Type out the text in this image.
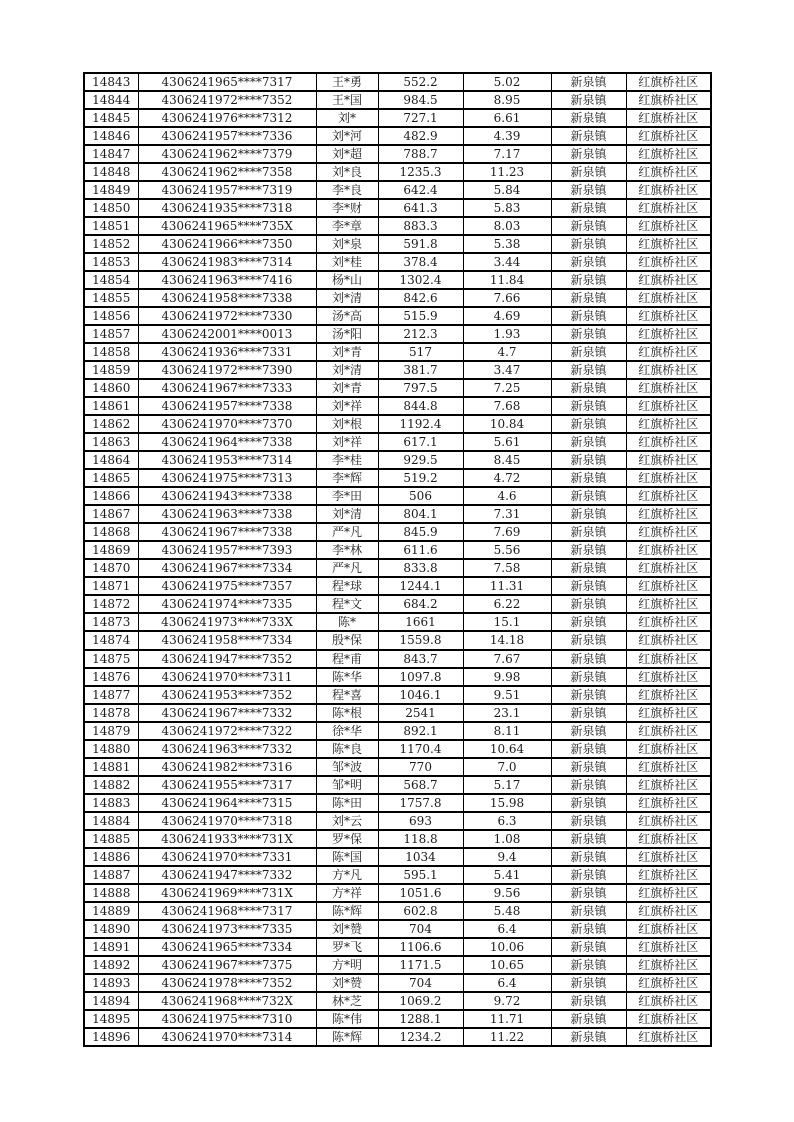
14843	4306241965****7317	王*勇	552.2	5.02	新泉镇	红旗桥社区
14844	4306241972****7352	王*国	984.5	8.95	新泉镇	红旗桥社区
14845	4306241976****7312	刘*	727.1	6.61	新泉镇	红旗桥社区
14846	4306241957****7336	刘*河	482.9	4.39	新泉镇	红旗桥社区
14847	4306241962****7379	刘*超	788.7	7.17	新泉镇	红旗桥社区
14848	4306241962****7358	刘*良	1235.3	11.23	新泉镇	红旗桥社区
14849	4306241957****7319	李*良	642.4	5.84	新泉镇	红旗桥社区
14850	4306241935****7318	李*财	641.3	5.83	新泉镇	红旗桥社区
14851	4306241965****735X	李*章	883.3	8.03	新泉镇	红旗桥社区
14852	4306241966****7350	刘*泉	591.8	5.38	新泉镇	红旗桥社区
14853	4306241983****7314	刘*桂	378.4	3.44	新泉镇	红旗桥社区
14854	4306241963****7416	杨*山	1302.4	11.84	新泉镇	红旗桥社区
14855	4306241958****7338	刘*清	842.6	7.66	新泉镇	红旗桥社区
14856	4306241972****7330	汤*高	515.9	4.69	新泉镇	红旗桥社区
14857	4306242001****0013	汤*阳	212.3	1.93	新泉镇	红旗桥社区
14858	4306241936****7331	刘*青	517	4.7	新泉镇	红旗桥社区
14859	4306241972****7390	刘*清	381.7	3.47	新泉镇	红旗桥社区
14860	4306241967****7333	刘*青	797.5	7.25	新泉镇	红旗桥社区
14861	4306241957****7338	刘*祥	844.8	7.68	新泉镇	红旗桥社区
14862	4306241970****7370	刘*根	1192.4	10.84	新泉镇	红旗桥社区
14863	4306241964****7338	刘*祥	617.1	5.61	新泉镇	红旗桥社区
14864	4306241953****7314	李*桂	929.5	8.45	新泉镇	红旗桥社区
14865	4306241975****7313	李*辉	519.2	4.72	新泉镇	红旗桥社区
14866	4306241943****7338	李*田	506	4.6	新泉镇	红旗桥社区
14867	4306241963****7338	刘*清	804.1	7.31	新泉镇	红旗桥社区
14868	4306241967****7338	严*凡	845.9	7.69	新泉镇	红旗桥社区
14869	4306241957****7393	李*林	611.6	5.56	新泉镇	红旗桥社区
14870	4306241967****7334	严*凡	833.8	7.58	新泉镇	红旗桥社区
14871	4306241975****7357	程*球	1244.1	11.31	新泉镇	红旗桥社区
14872	4306241974****7335	程*文	684.2	6.22	新泉镇	红旗桥社区
14873	4306241973****733X	陈*	1661	15.1	新泉镇	红旗桥社区
14874	4306241958****7334	殷*保	1559.8	14.18	新泉镇	红旗桥社区
14875	4306241947****7352	程*甫	843.7	7.67	新泉镇	红旗桥社区
14876	4306241970****7311	陈*华	1097.8	9.98	新泉镇	红旗桥社区
14877	4306241953****7352	程*喜	1046.1	9.51	新泉镇	红旗桥社区
14878	4306241967****7332	陈*根	2541	23.1	新泉镇	红旗桥社区
14879	4306241972****7322	徐*华	892.1	8.11	新泉镇	红旗桥社区
14880	4306241963****7332	陈*良	1170.4	10.64	新泉镇	红旗桥社区
14881	4306241982****7316	邹*波	770	7.0	新泉镇	红旗桥社区
14882	4306241955****7317	邹*明	568.7	5.17	新泉镇	红旗桥社区
14883	4306241964****7315	陈*田	1757.8	15.98	新泉镇	红旗桥社区
14884	4306241970****7318	刘*云	693	6.3	新泉镇	红旗桥社区
14885	4306241933****731X	罗*保	118.8	1.08	新泉镇	红旗桥社区
14886	4306241970****7331	陈*国	1034	9.4	新泉镇	红旗桥社区
14887	4306241947****7332	方*凡	595.1	5.41	新泉镇	红旗桥社区
14888	4306241969****731X	方*祥	1051.6	9.56	新泉镇	红旗桥社区
14889	4306241968****7317	陈*辉	602.8	5.48	新泉镇	红旗桥社区
14890	4306241973****7335	刘*赞	704	6.4	新泉镇	红旗桥社区
14891	4306241965****7334	罗*飞	1106.6	10.06	新泉镇	红旗桥社区
14892	4306241967****7375	方*明	1171.5	10.65	新泉镇	红旗桥社区
14893	4306241978****7352	刘*赞	704	6.4	新泉镇	红旗桥社区
14894	4306241968****732X	林*芝	1069.2	9.72	新泉镇	红旗桥社区
14895	4306241975****7310	陈*伟	1288.1	11.71	新泉镇	红旗桥社区
14896	4306241970****7314	陈*辉	1234.2	11.22	新泉镇	红旗桥社区
